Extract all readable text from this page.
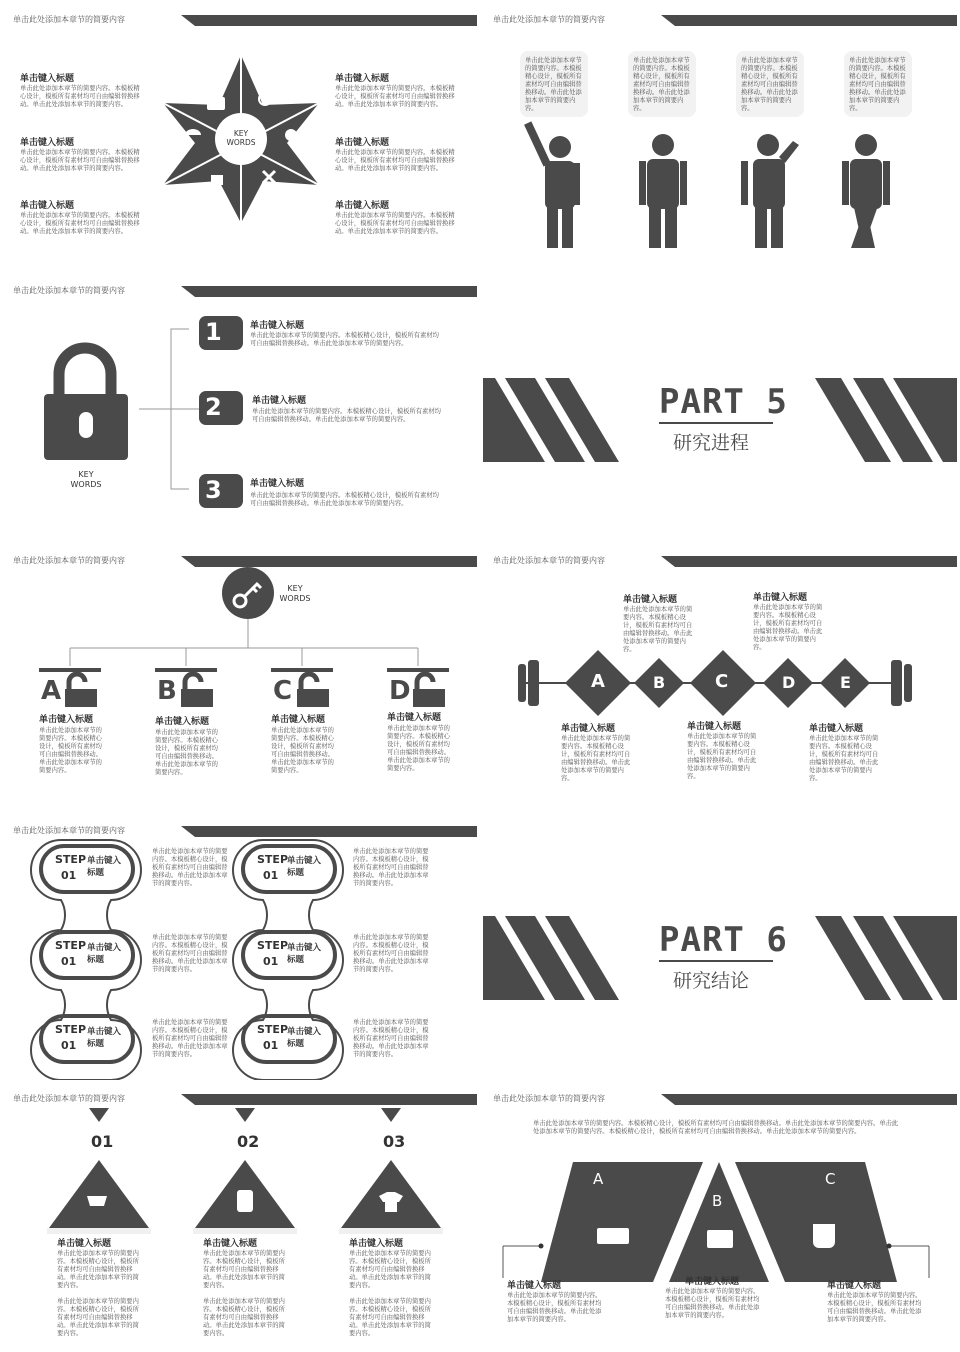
单击此处添加本章节的简要内容
单击键入标题
单击此处添加本章节的简要内容。本模板精心设计，模板所有素材均可自由编辑替换移动。单击此处添加本章节的简要内容。
单击键入标题
单击此处添加本章节的简要内容。本模板精心设计，模板所有素材均可自由编辑替换移动。单击此处添加本章节的简要内容。
单击键入标题
单击此处添加本章节的简要内容。本模板精心设计，模板所有素材均可自由编辑替换移动。单击此处添加本章节的简要内容。
单击键入标题
单击此处添加本章节的简要内容。本模板精心设计，模板所有素材均可自由编辑替换移动。单击此处添加本章节的简要内容。
单击键入标题
单击此处添加本章节的简要内容。本模板精心设计，模板所有素材均可自由编辑替换移动。单击此处添加本章节的简要内容。
单击键入标题
单击此处添加本章节的简要内容。本模板精心设计，模板所有素材均可自由编辑替换移动。单击此处添加本章节的简要内容。
KEY
WORDS
单击此处添加本章节的简要内容
单击此处添加本章节的简要内容。本模板精心设计，模板所有素材均可自由编辑替换移动。单击此处添加本章节的简要内容。
单击此处添加本章节的简要内容。本模板精心设计，模板所有素材均可自由编辑替换移动。单击此处添加本章节的简要内容。
单击此处添加本章节的简要内容。本模板精心设计，模板所有素材均可自由编辑替换移动。单击此处添加本章节的简要内容。
单击此处添加本章节的简要内容。本模板精心设计，模板所有素材均可自由编辑替换移动。单击此处添加本章节的简要内容。
单击此处添加本章节的简要内容
1
2
3
KEY
WORDS
单击键入标题
单击此处添加本章节的简要内容。本模板精心设计，模板所有素材均可自由编辑替换移动。单击此处添加本章节的简要内容。
单击键入标题
单击此处添加本章节的简要内容。本模板精心设计，模板所有素材均可自由编辑替换移动。单击此处添加本章节的简要内容。
单击键入标题
单击此处添加本章节的简要内容。本模板精心设计，模板所有素材均可自由编辑替换移动。单击此处添加本章节的简要内容。
PART 5
研究进程
单击此处添加本章节的简要内容
KEY
WORDS
A	B	C	D
单击键入标题
单击此处添加本章节的简要内容。本模板精心设计，模板所有素材均可自由编辑替换移动。单击此处添加本章节的简要内容。
单击键入标题
单击此处添加本章节的简要内容。本模板精心设计，模板所有素材均可自由编辑替换移动。单击此处添加本章节的简要内容。
单击键入标题
单击此处添加本章节的简要内容。本模板精心设计，模板所有素材均可自由编辑替换移动。单击此处添加本章节的简要内容。
单击键入标题
单击此处添加本章节的简要内容。本模板精心设计，模板所有素材均可自由编辑替换移动。单击此处添加本章节的简要内容。
单击此处添加本章节的简要内容
单击键入标题
单击此处添加本章节的简要内容。本模板精心设计，模板所有素材均可自由编辑替换移动。单击此处添加本章节的简要内容。
单击键入标题
单击此处添加本章节的简要内容。本模板精心设计，模板所有素材均可自由编辑替换移动。单击此处添加本章节的简要内容。
A	B	C	D	E
单击键入标题
单击此处添加本章节的简要内容。本模板精心设计，模板所有素材均可自由编辑替换移动。单击此处添加本章节的简要内容。
单击键入标题
单击此处添加本章节的简要内容。本模板精心设计，模板所有素材均可自由编辑替换移动。单击此处添加本章节的简要内容。
单击键入标题
单击此处添加本章节的简要内容。本模板精心设计，模板所有素材均可自由编辑替换移动。单击此处添加本章节的简要内容。
单击此处添加本章节的简要内容
STEP
01
单击键入
标题
STEP
01
单击键入
标题
STEP
01
单击键入
标题
单击此处添加本章节的简要内容。本模板精心设计，模板所有素材均可自由编辑替换移动。单击此处添加本章节的简要内容。
单击此处添加本章节的简要内容。本模板精心设计，模板所有素材均可自由编辑替换移动。单击此处添加本章节的简要内容。
单击此处添加本章节的简要内容。本模板精心设计，模板所有素材均可自由编辑替换移动。单击此处添加本章节的简要内容。
STEP
01
单击键入
标题
STEP
01
单击键入
标题
STEP
01
单击键入
标题
单击此处添加本章节的简要内容。本模板精心设计，模板所有素材均可自由编辑替换移动。单击此处添加本章节的简要内容。
单击此处添加本章节的简要内容。本模板精心设计，模板所有素材均可自由编辑替换移动。单击此处添加本章节的简要内容。
单击此处添加本章节的简要内容。本模板精心设计，模板所有素材均可自由编辑替换移动。单击此处添加本章节的简要内容。
PART 6
研究结论
单击此处添加本章节的简要内容
01	02	03
单击键入标题
单击此处添加本章节的简要内容。本模板精心设计，模板所有素材均可自由编辑替换移动。单击此处添加本章节的简要内容。
单击此处添加本章节的简要内容。本模板精心设计，模板所有素材均可自由编辑替换移动。单击此处添加本章节的简要内容。
单击键入标题
单击此处添加本章节的简要内容。本模板精心设计，模板所有素材均可自由编辑替换移动。单击此处添加本章节的简要内容。
单击此处添加本章节的简要内容。本模板精心设计，模板所有素材均可自由编辑替换移动。单击此处添加本章节的简要内容。
单击键入标题
单击此处添加本章节的简要内容。本模板精心设计，模板所有素材均可自由编辑替换移动。单击此处添加本章节的简要内容。
单击此处添加本章节的简要内容。本模板精心设计，模板所有素材均可自由编辑替换移动。单击此处添加本章节的简要内容。
单击此处添加本章节的简要内容
单击此处添加本章节的简要内容。本模板精心设计，模板所有素材均可自由编辑替换移动。单击此处添加本章节的简要内容。单击此处添加本章节的简要内容。本模板精心设计，模板所有素材均可自由编辑替换移动。单击此处添加本章节的简要内容。
A
B
C
单击键入标题
单击此处添加本章节的简要内容。本模板精心设计，模板所有素材均可自由编辑替换移动。单击此处添加本章节的简要内容。
单击键入标题
单击此处添加本章节的简要内容。本模板精心设计，模板所有素材均可自由编辑替换移动。单击此处添加本章节的简要内容。
单击键入标题
单击此处添加本章节的简要内容。本模板精心设计，模板所有素材均可自由编辑替换移动。单击此处添加本章节的简要内容。
